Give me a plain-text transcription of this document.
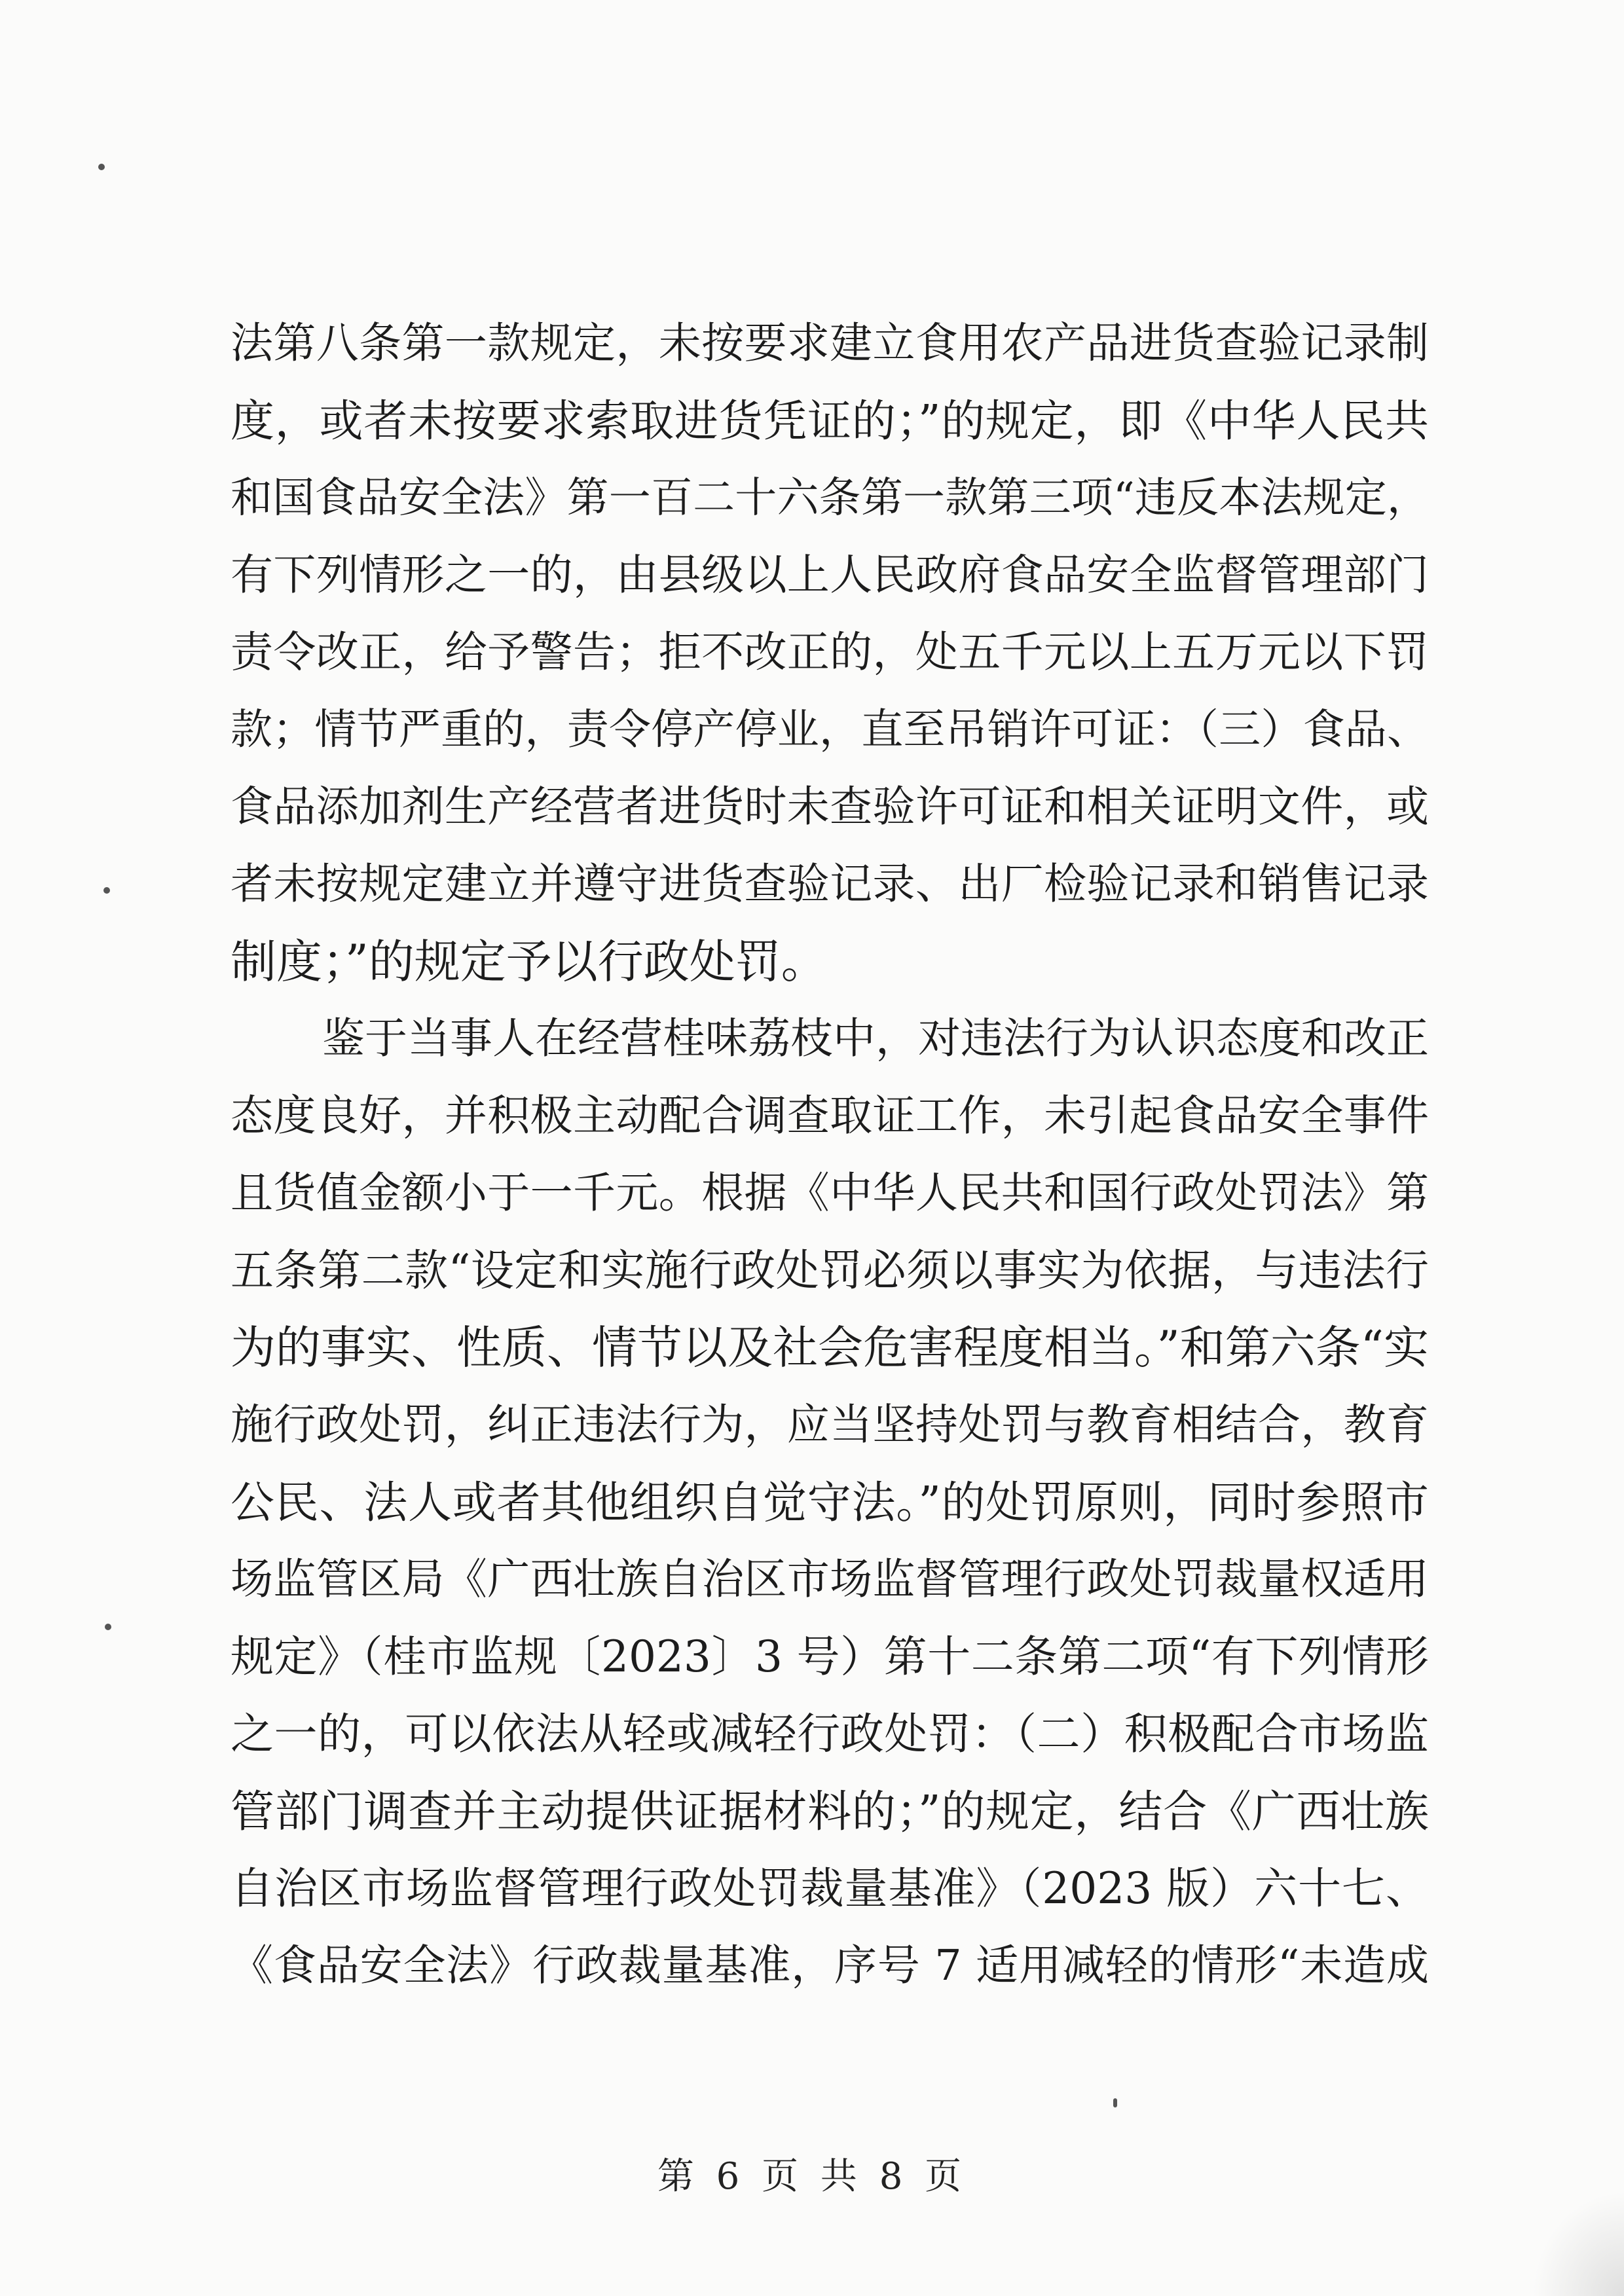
法第八条第一款规定，未按要求建立食用农产品进货查验记录制
度，或者未按要求索取进货凭证的；”的规定，即《中华人民共
和国食品安全法》第一百二十六条第一款第三项“违反本法规定，
有下列情形之一的，由县级以上人民政府食品安全监督管理部门
责令改正，给予警告；拒不改正的，处五千元以上五万元以下罚
款；情节严重的，责令停产停业，直至吊销许可证：（三）食品、
食品添加剂生产经营者进货时未查验许可证和相关证明文件，或
者未按规定建立并遵守进货查验记录、出厂检验记录和销售记录
制度；”的规定予以行政处罚。
鉴于当事人在经营桂味荔枝中，对违法行为认识态度和改正
态度良好，并积极主动配合调查取证工作，未引起食品安全事件
且货值金额小于一千元。根据《中华人民共和国行政处罚法》第
五条第二款“设定和实施行政处罚必须以事实为依据，与违法行
为的事实、性质、情节以及社会危害程度相当。”和第六条“实
施行政处罚，纠正违法行为，应当坚持处罚与教育相结合，教育
公民、法人或者其他组织自觉守法。”的处罚原则，同时参照市
场监管区局《广西壮族自治区市场监督管理行政处罚裁量权适用
规定》（桂市监规〔2023〕3 号）第十二条第二项“有下列情形
之一的，可以依法从轻或减轻行政处罚：（二）积极配合市场监
管部门调查并主动提供证据材料的；”的规定，结合《广西壮族
自治区市场监督管理行政处罚裁量基准》（2023 版）六十七、
《食品安全法》行政裁量基准，序号 7 适用减轻的情形“未造成
第 6 页 共 8 页
